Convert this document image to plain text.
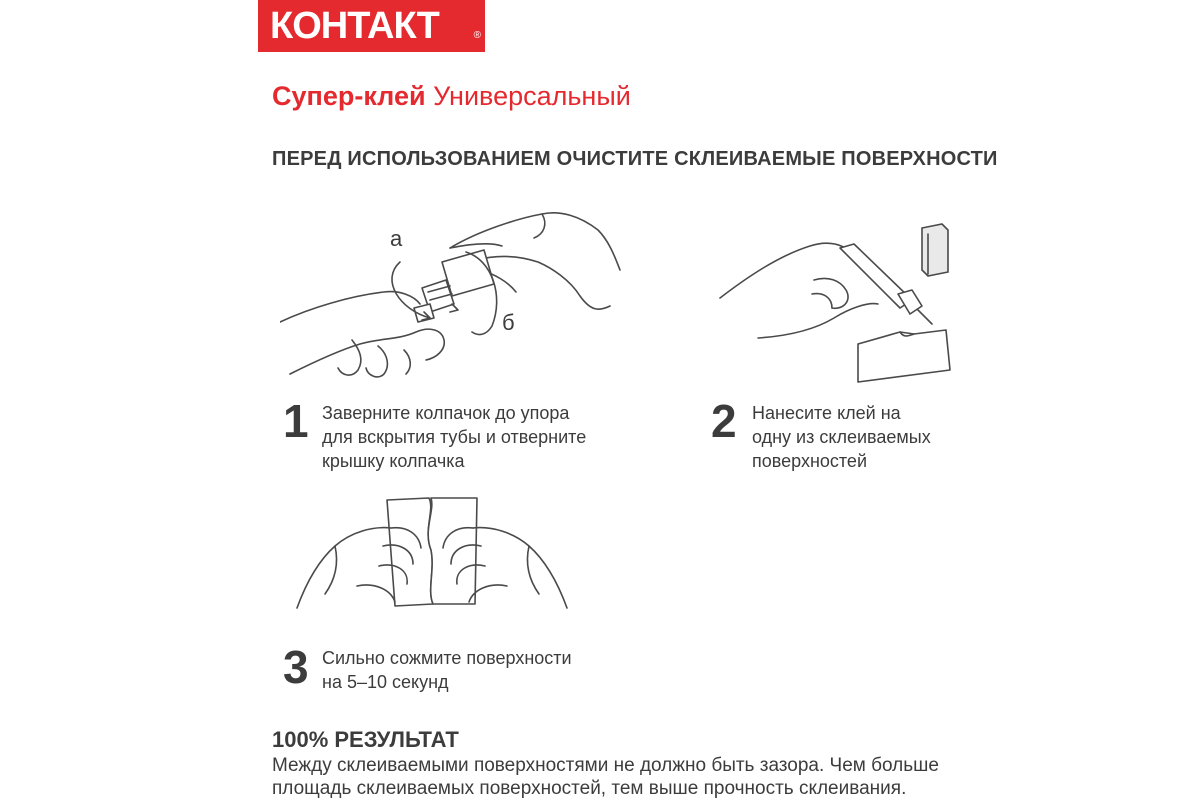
КОНТАКТ	®
Супер-клей Универсальный
ПЕРЕД ИСПОЛЬЗОВАНИЕМ ОЧИСТИТЕ СКЛЕИВАЕМЫЕ ПОВЕРХНОСТИ
а
б
1 Заверните колпачок до упора
для вскрытия тубы и отверните
крышку колпачка
2 Нанесите клей на
одну из склеиваемых
поверхностей
3 Сильно сожмите поверхности
на 5–10 секунд
100% РЕЗУЛЬТАТ
Между склеиваемыми поверхностями не должно быть зазора. Чем больше
площадь склеиваемых поверхностей, тем выше прочность склеивания.
